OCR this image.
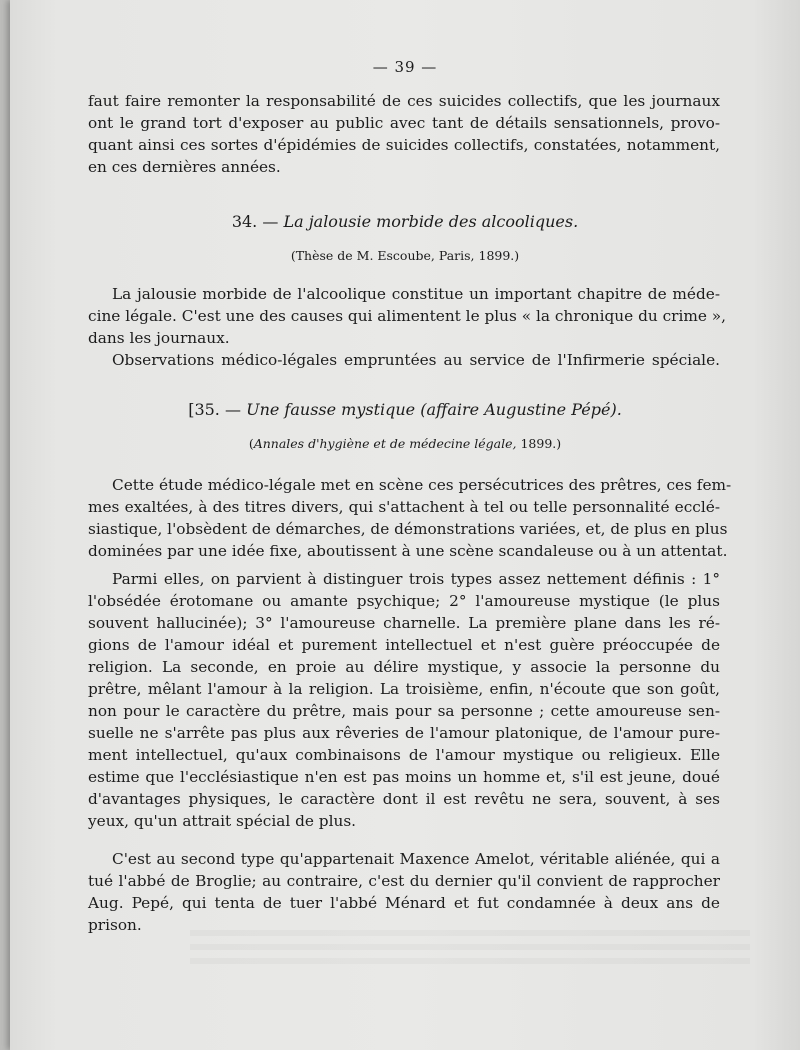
— 39 —

faut faire remonter la responsabilité de ces suicides collectifs, que les journaux
ont le grand tort d'exposer au public avec tant de détails sensationnels, provo-
quant ainsi ces sortes d'épidémies de suicides collectifs, constatées, notamment,
en ces dernières années.

34. — La jalousie morbide des alcooliques.
(Thèse de M. Escoube, Paris, 1899.)

La jalousie morbide de l'alcoolique constitue un important chapitre de méde-
cine légale. C'est une des causes qui alimentent le plus « la chronique du crime »,
dans les journaux.

Observations médico-légales empruntées au service de l'Infirmerie spéciale.

[35. — Une fausse mystique (affaire Augustine Pépé).
(Annales d'hygiène et de médecine légale, 1899.)

Cette étude médico-légale met en scène ces persécutrices des prêtres, ces fem-
mes exaltées, à des titres divers, qui s'attachent à tel ou telle personnalité ecclé-
siastique, l'obsèdent de démarches, de démonstrations variées, et, de plus en plus
dominées par une idée fixe, aboutissent à une scène scandaleuse ou à un attentat.

Parmi elles, on parvient à distinguer trois types assez nettement définis : 1°
l'obsédée érotomane ou amante psychique; 2° l'amoureuse mystique (le plus
souvent hallucinée); 3° l'amoureuse charnelle. La première plane dans les ré-
gions de l'amour idéal et purement intellectuel et n'est guère préoccupée de
religion. La seconde, en proie au délire mystique, y associe la personne du
prêtre, mêlant l'amour à la religion. La troisième, enfin, n'écoute que son goût,
non pour le caractère du prêtre, mais pour sa personne ; cette amoureuse sen-
suelle ne s'arrête pas plus aux rêveries de l'amour platonique, de l'amour pure-
ment intellectuel, qu'aux combinaisons de l'amour mystique ou religieux. Elle
estime que l'ecclésiastique n'en est pas moins un homme et, s'il est jeune, doué
d'avantages physiques, le caractère dont il est revêtu ne sera, souvent, à ses
yeux, qu'un attrait spécial de plus.

C'est au second type qu'appartenait Maxence Amelot, véritable aliénée, qui a
tué l'abbé de Broglie; au contraire, c'est du dernier qu'il convient de rapprocher
Aug. Pepé, qui tenta de tuer l'abbé Ménard et fut condamnée à deux ans de
prison.
